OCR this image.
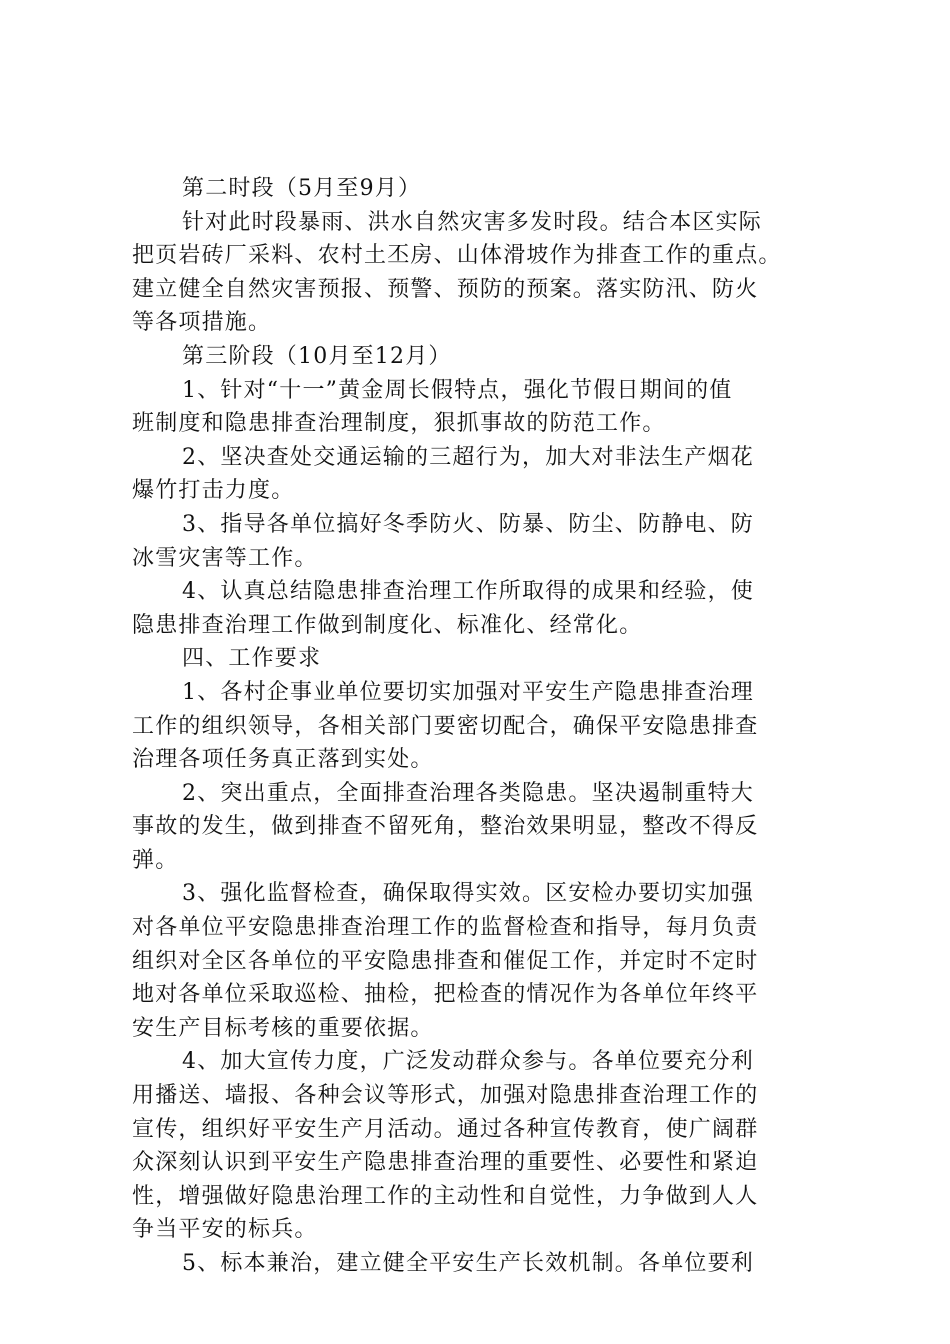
第二时段（5月至9月）
针对此时段暴雨、洪水自然灾害多发时段。结合本区实际
把页岩砖厂采料、农村土丕房、山体滑坡作为排查工作的重点。
建立健全自然灾害预报、预警、预防的预案。落实防汛、防火
等各项措施。
第三阶段（10月至12月）
1、针对“十一”黄金周长假特点，强化节假日期间的值
班制度和隐患排查治理制度，狠抓事故的防范工作。
2、坚决查处交通运输的三超行为，加大对非法生产烟花
爆竹打击力度。
3、指导各单位搞好冬季防火、防暴、防尘、防静电、防
冰雪灾害等工作。
4、认真总结隐患排查治理工作所取得的成果和经验，使
隐患排查治理工作做到制度化、标准化、经常化。
四、工作要求
1、各村企事业单位要切实加强对平安生产隐患排查治理
工作的组织领导，各相关部门要密切配合，确保平安隐患排查
治理各项任务真正落到实处。
2、突出重点，全面排查治理各类隐患。坚决遏制重特大
事故的发生，做到排查不留死角，整治效果明显，整改不得反
弹。
3、强化监督检查，确保取得实效。区安检办要切实加强
对各单位平安隐患排查治理工作的监督检查和指导，每月负责
组织对全区各单位的平安隐患排查和催促工作，并定时不定时
地对各单位采取巡检、抽检，把检查的情况作为各单位年终平
安生产目标考核的重要依据。
4、加大宣传力度，广泛发动群众参与。各单位要充分利
用播送、墙报、各种会议等形式，加强对隐患排查治理工作的
宣传，组织好平安生产月活动。通过各种宣传教育，使广阔群
众深刻认识到平安生产隐患排查治理的重要性、必要性和紧迫
性，增强做好隐患治理工作的主动性和自觉性，力争做到人人
争当平安的标兵。
5、标本兼治，建立健全平安生产长效机制。各单位要利
